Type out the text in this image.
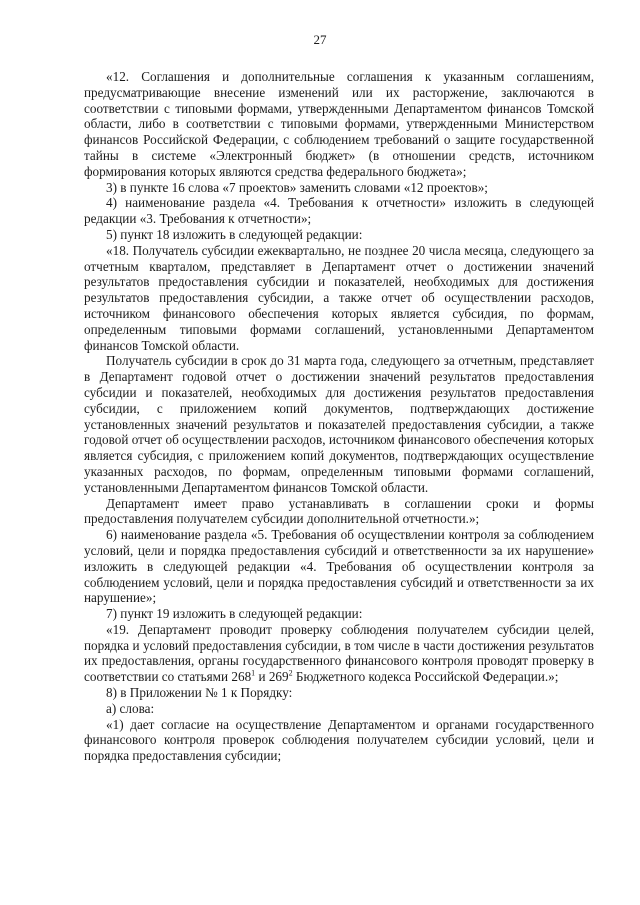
27

«12. Соглашения и дополнительные соглашения к указанным соглашениям, предусматривающие внесение изменений или их расторжение, заключаются в соответствии с типовыми формами, утвержденными Департаментом финансов Томской области, либо в соответствии с типовыми формами, утвержденными Министерством финансов Российской Федерации, с соблюдением требований о защите государственной тайны в системе «Электронный бюджет» (в отношении средств, источником формирования которых являются средства федерального бюджета»;

3) в пункте 16 слова «7 проектов» заменить словами «12 проектов»;

4) наименование раздела «4. Требования к отчетности» изложить в следующей редакции «3. Требования к отчетности»;

5) пункт 18 изложить в следующей редакции:

«18. Получатель субсидии ежеквартально, не позднее 20 числа месяца, следующего за отчетным кварталом, представляет в Департамент отчет о достижении значений результатов предоставления субсидии и показателей, необходимых для достижения результатов предоставления субсидии, а также отчет об осуществлении расходов, источником финансового обеспечения которых является субсидия, по формам, определенным типовыми формами соглашений, установленными Департаментом финансов Томской области.

Получатель субсидии в срок до 31 марта года, следующего за отчетным, представляет в Департамент годовой отчет о достижении значений результатов предоставления субсидии и показателей, необходимых для достижения результатов предоставления субсидии, с приложением копий документов, подтверждающих достижение установленных значений результатов и показателей предоставления субсидии, а также годовой отчет об осуществлении расходов, источником финансового обеспечения которых является субсидия, с приложением копий документов, подтверждающих осуществление указанных расходов, по формам, определенным типовыми формами соглашений, установленными Департаментом финансов Томской области.

Департамент имеет право устанавливать в соглашении сроки и формы предоставления получателем субсидии дополнительной отчетности.»;

6) наименование раздела «5. Требования об осуществлении контроля за соблюдением условий, цели и порядка предоставления субсидий и ответственности за их нарушение» изложить в следующей редакции «4. Требования об осуществлении контроля за соблюдением условий, цели и порядка предоставления субсидий и ответственности за их нарушение»;

7) пункт 19 изложить в следующей редакции:

«19. Департамент проводит проверку соблюдения получателем субсидии целей, порядка и условий предоставления субсидии, в том числе в части достижения результатов их предоставления, органы государственного финансового контроля проводят проверку в соответствии со статьями $268^1$ и $269^2$ Бюджетного кодекса Российской Федерации.»;

8) в Приложении № 1 к Порядку:

а) слова:

«1) дает согласие на осуществление Департаментом и органами государственного финансового контроля проверок соблюдения получателем субсидии условий, цели и порядка предоставления субсидии;
